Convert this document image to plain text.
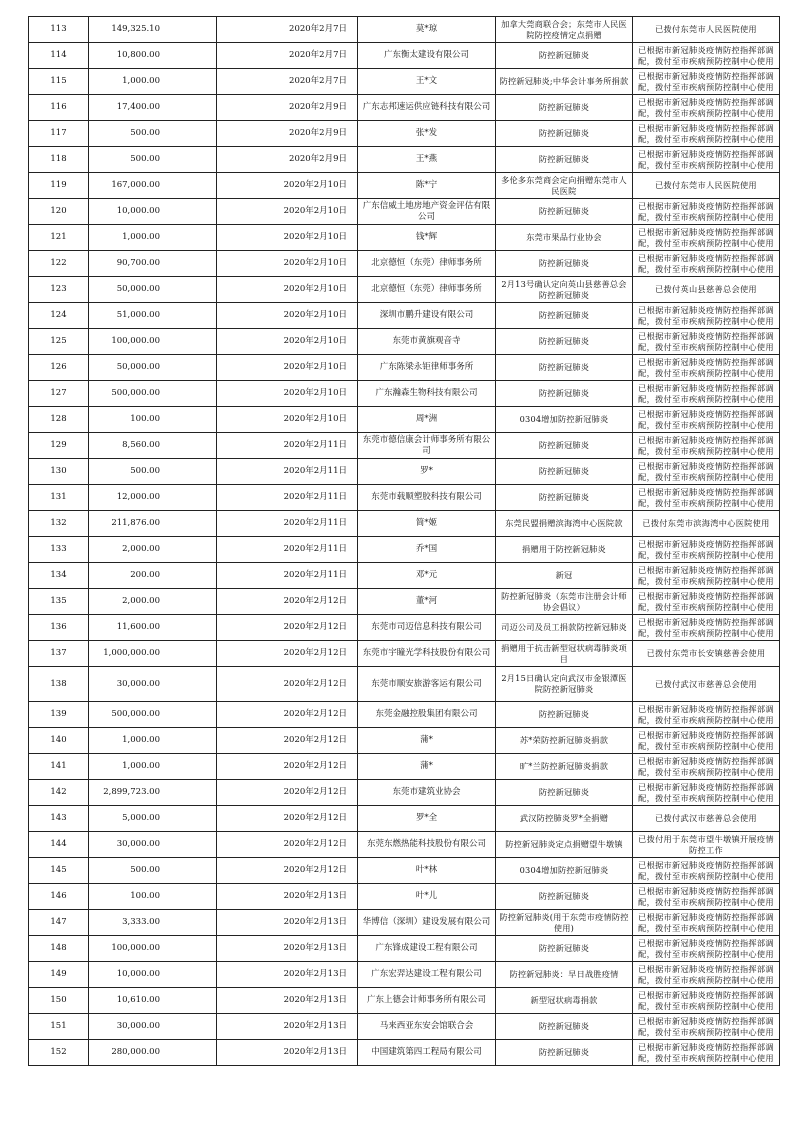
113	149,325.10	2020年2月7日	莫*琼	加拿大莞商联合会；东莞市人民医院防控疫情定点捐赠	已拨付东莞市人民医院使用
114	10,800.00	2020年2月7日	广东衡太建设有限公司	防控新冠肺炎	已根据市新冠肺炎疫情防控指挥部调配，拨付至市疾病预防控制中心使用
115	1,000.00	2020年2月7日	王*文	防控新冠肺炎;中华会计事务所捐款	已根据市新冠肺炎疫情防控指挥部调配，拨付至市疾病预防控制中心使用
116	17,400.00	2020年2月9日	广东志邦速运供应链科技有限公司	防控新冠肺炎	已根据市新冠肺炎疫情防控指挥部调配，拨付至市疾病预防控制中心使用
117	500.00	2020年2月9日	张*发	防控新冠肺炎	已根据市新冠肺炎疫情防控指挥部调配，拨付至市疾病预防控制中心使用
118	500.00	2020年2月9日	王*燕	防控新冠肺炎	已根据市新冠肺炎疫情防控指挥部调配，拨付至市疾病预防控制中心使用
119	167,000.00	2020年2月10日	陈*宁	多伦多东莞商会定向捐赠东莞市人民医院	已拨付东莞市人民医院使用
120	10,000.00	2020年2月10日	广东信威土地房地产资金评估有限公司	防控新冠肺炎	已根据市新冠肺炎疫情防控指挥部调配，拨付至市疾病预防控制中心使用
121	1,000.00	2020年2月10日	钱*辉	东莞市果品行业协会	已根据市新冠肺炎疫情防控指挥部调配，拨付至市疾病预防控制中心使用
122	90,700.00	2020年2月10日	北京德恒（东莞）律师事务所	防控新冠肺炎	已根据市新冠肺炎疫情防控指挥部调配，拨付至市疾病预防控制中心使用
123	50,000.00	2020年2月10日	北京德恒（东莞）律师事务所	2月13号确认定向英山县慈善总会防控新冠肺炎	已拨付英山县慈善总会使用
124	51,000.00	2020年2月10日	深圳市鹏升建设有限公司	防控新冠肺炎	已根据市新冠肺炎疫情防控指挥部调配，拨付至市疾病预防控制中心使用
125	100,000.00	2020年2月10日	东莞市黄旗观音寺	防控新冠肺炎	已根据市新冠肺炎疫情防控指挥部调配，拨付至市疾病预防控制中心使用
126	50,000.00	2020年2月10日	广东陈梁永钜律师事务所	防控新冠肺炎	已根据市新冠肺炎疫情防控指挥部调配，拨付至市疾病预防控制中心使用
127	500,000.00	2020年2月10日	广东瀚森生物科技有限公司	防控新冠肺炎	已根据市新冠肺炎疫情防控指挥部调配，拨付至市疾病预防控制中心使用
128	100.00	2020年2月10日	周*洲	0304增加防控新冠肺炎	已根据市新冠肺炎疫情防控指挥部调配，拨付至市疾病预防控制中心使用
129	8,560.00	2020年2月11日	东莞市德信康会计师事务所有限公司	防控新冠肺炎	已根据市新冠肺炎疫情防控指挥部调配，拨付至市疾病预防控制中心使用
130	500.00	2020年2月11日	罗*	防控新冠肺炎	已根据市新冠肺炎疫情防控指挥部调配，拨付至市疾病预防控制中心使用
131	12,000.00	2020年2月11日	东莞市载顺塑胶科技有限公司	防控新冠肺炎	已根据市新冠肺炎疫情防控指挥部调配，拨付至市疾病预防控制中心使用
132	211,876.00	2020年2月11日	简*姬	东莞民盟捐赠滨海湾中心医院款	已拨付东莞市滨海湾中心医院使用
133	2,000.00	2020年2月11日	乔*国	捐赠用于防控新冠肺炎	已根据市新冠肺炎疫情防控指挥部调配，拨付至市疾病预防控制中心使用
134	200.00	2020年2月11日	邓*元	新冠	已根据市新冠肺炎疫情防控指挥部调配，拨付至市疾病预防控制中心使用
135	2,000.00	2020年2月12日	董*河	防控新冠肺炎（东莞市注册会计师协会倡议）	已根据市新冠肺炎疫情防控指挥部调配，拨付至市疾病预防控制中心使用
136	11,600.00	2020年2月12日	东莞市司迈信息科技有限公司	司迈公司及员工捐款防控新冠肺炎	已根据市新冠肺炎疫情防控指挥部调配，拨付至市疾病预防控制中心使用
137	1,000,000.00	2020年2月12日	东莞市宇瞳光学科技股份有限公司	捐赠用于抗击新型冠状病毒肺炎项目	已拨付东莞市长安镇慈善会使用
138	30,000.00	2020年2月12日	东莞市顺安旅游客运有限公司	2月15日确认定向武汉市金银潭医院防控新冠肺炎	已拨付武汉市慈善总会使用
139	500,000.00	2020年2月12日	东莞金融控股集团有限公司	防控新冠肺炎	已根据市新冠肺炎疫情防控指挥部调配，拨付至市疾病预防控制中心使用
140	1,000.00	2020年2月12日	蒲*	苏*荣防控新冠肺炎捐款	已根据市新冠肺炎疫情防控指挥部调配，拨付至市疾病预防控制中心使用
141	1,000.00	2020年2月12日	蒲*	旷*兰防控新冠肺炎捐款	已根据市新冠肺炎疫情防控指挥部调配，拨付至市疾病预防控制中心使用
142	2,899,723.00	2020年2月12日	东莞市建筑业协会	防控新冠肺炎	已根据市新冠肺炎疫情防控指挥部调配，拨付至市疾病预防控制中心使用
143	5,000.00	2020年2月12日	罗*全	武汉防控肺炎罗*全捐赠	已拨付武汉市慈善总会使用
144	30,000.00	2020年2月12日	东莞东燃热能科技股份有限公司	防控新冠肺炎定点捐赠望牛墩镇	已拨付用于东莞市望牛墩镇开展疫情防控工作
145	500.00	2020年2月12日	叶*林	0304增加防控新冠肺炎	已根据市新冠肺炎疫情防控指挥部调配，拨付至市疾病预防控制中心使用
146	100.00	2020年2月13日	叶*儿	防控新冠肺炎	已根据市新冠肺炎疫情防控指挥部调配，拨付至市疾病预防控制中心使用
147	3,333.00	2020年2月13日	华博信（深圳）建设发展有限公司	防控新冠肺炎(用于东莞市疫情防控使用)	已根据市新冠肺炎疫情防控指挥部调配，拨付至市疾病预防控制中心使用
148	100,000.00	2020年2月13日	广东锋成建设工程有限公司	防控新冠肺炎	已根据市新冠肺炎疫情防控指挥部调配，拨付至市疾病预防控制中心使用
149	10,000.00	2020年2月13日	广东宏羿达建设工程有限公司	防控新冠肺炎：早日战胜疫情	已根据市新冠肺炎疫情防控指挥部调配，拨付至市疾病预防控制中心使用
150	10,610.00	2020年2月13日	广东上德会计师事务所有限公司	新型冠状病毒捐款	已根据市新冠肺炎疫情防控指挥部调配，拨付至市疾病预防控制中心使用
151	30,000.00	2020年2月13日	马来西亚东安会馆联合会	防控新冠肺炎	已根据市新冠肺炎疫情防控指挥部调配，拨付至市疾病预防控制中心使用
152	280,000.00	2020年2月13日	中国建筑第四工程局有限公司	防控新冠肺炎	已根据市新冠肺炎疫情防控指挥部调配，拨付至市疾病预防控制中心使用
